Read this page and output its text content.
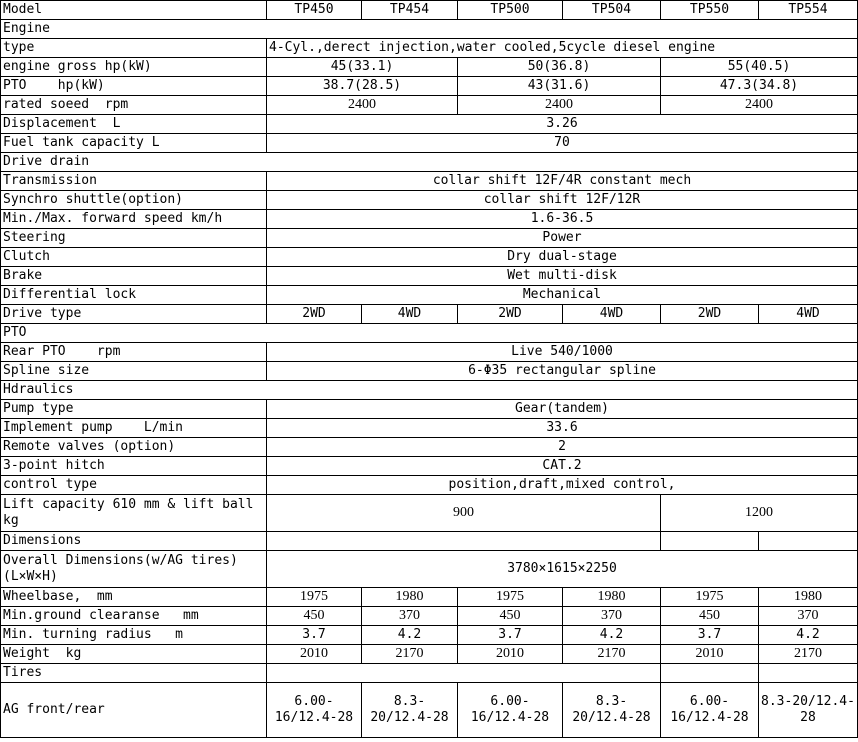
Model	TP450	TP454	TP500	TP504	TP550	TP554
Engine						
type	4-Cyl.,derect injection,water cooled,5cycle diesel engine					
engine gross hp(kW)	45(33.1)		50(36.8)		55(40.5)	
PTO    hp(kW)	38.7(28.5)		43(31.6)		47.3(34.8)	
rated soeed  rpm	2400		2400		2400	
Displacement  L	3.26					
Fuel tank capacity L	70					
Drive drain						
Transmission	collar shift 12F/4R constant mech					
Synchro shuttle(option)	collar shift 12F/12R					
Min./Max. forward speed km/h	1.6-36.5					
Steering	Power					
Clutch	Dry dual-stage					
Brake	Wet multi-disk					
Differential lock	Mechanical					
Drive type	2WD	4WD	2WD	4WD	2WD	4WD
PTO						
Rear PTO    rpm	Live 540/1000					
Spline size	6-Φ35 rectangular spline					
Hdraulics						
Pump type	Gear(tandem)					
Implement pump    L/min	33.6					
Remote valves (option)	2					
3-point hitch	CAT.2					
control type	position,draft,mixed control,					
Lift capacity 610 mm & lift ball kg	900				1200	
Dimensions						
Overall Dimensions(w/AG tires) (L×W×H)	3780×1615×2250					
Wheelbase,  mm	1975	1980	1975	1980	1975	1980
Min.ground clearanse   mm	450	370	450	370	450	370
Min. turning radius   m	3.7	4.2	3.7	4.2	3.7	4.2
Weight  kg	2010	2170	2010	2170	2010	2170
Tires						
AG front/rear	6.00-16/12.4-28	8.3-20/12.4-28	6.00-16/12.4-28	8.3-20/12.4-28	6.00-16/12.4-28	8.3-20/12.4-28
